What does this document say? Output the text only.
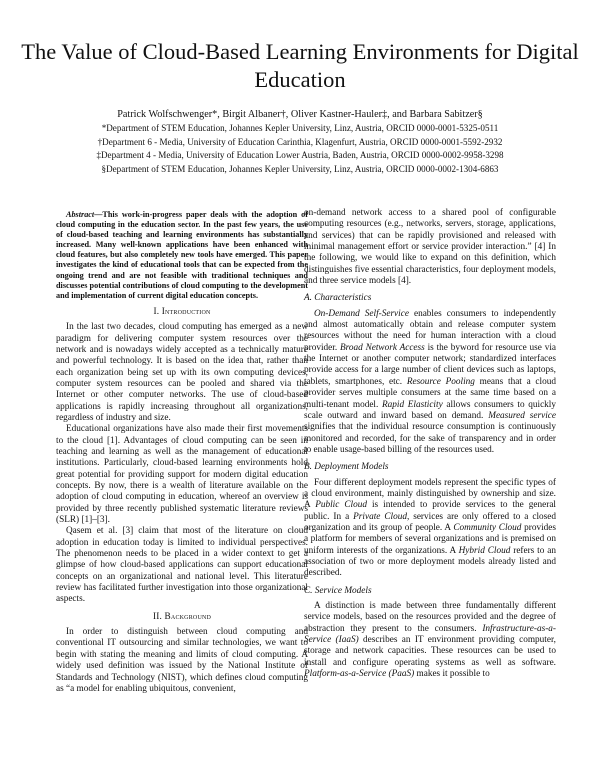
The Value of Cloud-Based Learning Environments for Digital Education
Patrick Wolfschwenger*, Birgit Albaner†, Oliver Kastner-Hauler‡, and Barbara Sabitzer§
*Department of STEM Education, Johannes Kepler University, Linz, Austria, ORCID 0000-0001-5325-0511
†Department 6 - Media, University of Education Carinthia, Klagenfurt, Austria, ORCID 0000-0001-5592-2932
‡Department 4 - Media, University of Education Lower Austria, Baden, Austria, ORCID 0000-0002-9958-3298
§Department of STEM Education, Johannes Kepler University, Linz, Austria, ORCID 0000-0002-1304-6863

Abstract—This work-in-progress paper deals with the adoption of cloud computing in the education sector. In the past few years, the use of cloud-based teaching and learning environments has substantially increased. Many well-known applications have been enhanced with cloud features, but also completely new tools have emerged. This paper investigates the kind of educational tools that can be expected from the ongoing trend and are not feasible with traditional techniques and discusses potential contributions of cloud computing to the development and implementation of current digital education concepts.

I. Introduction

In the last two decades, cloud computing has emerged as a new paradigm for delivering computer system resources over the network and is nowadays widely accepted as a technically mature and powerful technology. It is based on the idea that, rather than each organization being set up with its own computing devices, computer system resources can be pooled and shared via the Internet or other computer networks. The use of cloud-based applications is rapidly increasing throughout all organizations, regardless of industry and size.

Educational organizations have also made their first movements to the cloud [1]. Advantages of cloud computing can be seen in teaching and learning as well as the management of educational institutions. Particularly, cloud-based learning environments hold great potential for providing support for modern digital education concepts. By now, there is a wealth of literature available on the adoption of cloud computing in education, whereof an overview is provided by three recently published systematic literature reviews (SLR) [1]–[3].

Qasem et al. [3] claim that most of the literature on cloud adoption in education today is limited to individual perspectives. The phenomenon needs to be placed in a wider context to get a glimpse of how cloud-based applications can support educational concepts on an organizational and national level. This literature review has facilitated further investigation into those organizational aspects.

II. Background

In order to distinguish between cloud computing and conventional IT outsourcing and similar technologies, we want to begin with stating the meaning and limits of cloud computing. A widely used definition was issued by the National Institute of Standards and Technology (NIST), which defines cloud computing as “a model for enabling ubiquitous, convenient,

on-demand network access to a shared pool of configurable computing resources (e.g., networks, servers, storage, applications, and services) that can be rapidly provisioned and released with minimal management effort or service provider interaction.” [4] In the following, we would like to expand on this definition, which distinguishes five essential characteristics, four deployment models, and three service models [4].

A. Characteristics

On-Demand Self-Service enables consumers to independently and almost automatically obtain and release computer system resources without the need for human interaction with a cloud provider. Broad Network Access is the byword for resource use via the Internet or another computer network; standardized interfaces provide access for a large number of client devices such as laptops, tablets, smartphones, etc. Resource Pooling means that a cloud provider serves multiple consumers at the same time based on a multi-tenant model. Rapid Elasticity allows consumers to quickly scale outward and inward based on demand. Measured service signifies that the individual resource consumption is continuously monitored and recorded, for the sake of transparency and in order to enable usage-based billing of the resources used.

B. Deployment Models

Four different deployment models represent the specific types of a cloud environment, mainly distinguished by ownership and size. A Public Cloud is intended to provide services to the general public. In a Private Cloud, services are only offered to a closed organization and its group of people. A Community Cloud provides a platform for members of several organizations and is premised on uniform interests of the organizations. A Hybrid Cloud refers to an association of two or more deployment models already listed and described.

C. Service Models

A distinction is made between three fundamentally different service models, based on the resources provided and the degree of abstraction they present to the consumers. Infrastructure-as-a-Service (IaaS) describes an IT environment providing computer, storage and network capacities. These resources can be used to install and configure operating systems as well as software. Platform-as-a-Service (PaaS) makes it possible to
